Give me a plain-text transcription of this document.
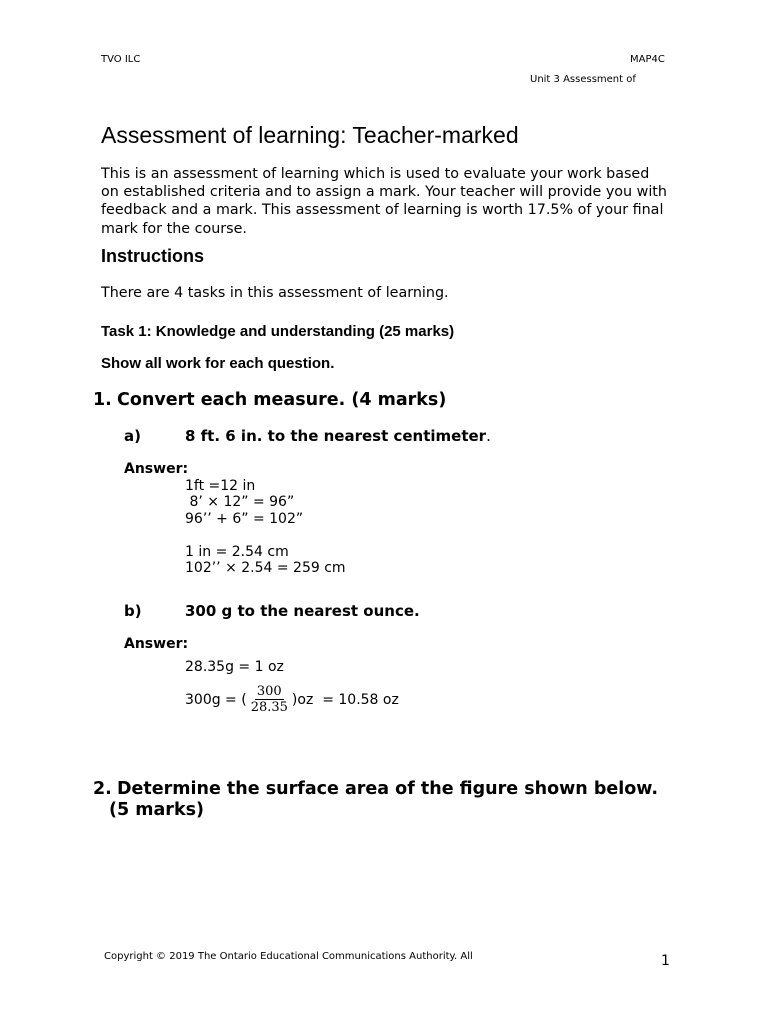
TVO ILC	MAP4C
Unit 3 Assessment of
Assessment of learning: Teacher-marked
This is an assessment of learning which is used to evaluate your work based on established criteria and to assign a mark. Your teacher will provide you with feedback and a mark. This assessment of learning is worth 17.5% of your final mark for the course.
Instructions
There are 4 tasks in this assessment of learning.
Task 1: Knowledge and understanding (25 marks)
Show all work for each question.
1. Convert each measure. (4 marks)
a)	8 ft. 6 in. to the nearest centimeter.
Answer:
1ft =12 in
8’ × 12” = 96”
96’’ + 6” = 102”
1 in = 2.54 cm
102’’ × 2.54 = 259 cm
b)	300 g to the nearest ounce.
Answer:
28.35g = 1 oz
300g = ( $\frac{300}{28.35} )oz = 10.58$ oz
2. Determine the surface area of the figure shown below.
(5 marks)
Copyright © 2019 The Ontario Educational Communications Authority. All	1
